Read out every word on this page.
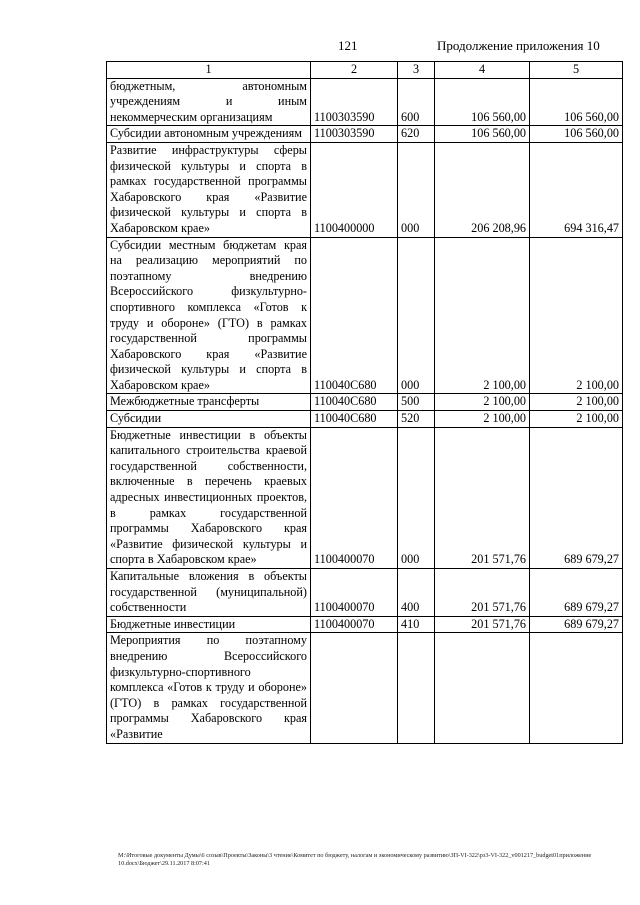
121	Продолжение приложения 10
1	2	3	4	5
бюджетным, автономным учреждениям и иным некоммерческим организациям	1100303590	600	106 560,00	106 560,00
Субсидии автономным учреждениям	1100303590	620	106 560,00	106 560,00
Развитие инфраструктуры сферы физической культуры и спорта в рамках государственной программы Хабаровского края «Развитие физической культуры и спорта в Хабаровском крае»	1100400000	000	206 208,96	694 316,47
Субсидии местным бюджетам края на реализацию мероприятий по поэтапному внедрению Всероссийского физкультурно-спортивного комплекса «Готов к труду и обороне» (ГТО) в рамках государственной программы Хабаровского края «Развитие физической культуры и спорта в Хабаровском крае»	110040С680	000	2 100,00	2 100,00
Межбюджетные трансферты	110040С680	500	2 100,00	2 100,00
Субсидии	110040С680	520	2 100,00	2 100,00
Бюджетные инвестиции в объекты капитального строительства краевой государственной собственности, включенные в перечень краевых адресных инвестиционных проектов, в рамках государственной программы Хабаровского края «Развитие физической культуры и спорта в Хабаровском крае»	1100400070	000	201 571,76	689 679,27
Капитальные вложения в объекты государственной (муниципальной) собственности	1100400070	400	201 571,76	689 679,27
Бюджетные инвестиции	1100400070	410	201 571,76	689 679,27
Мероприятия по поэтапному внедрению Всероссийского физкультурно-спортивного комплекса «Готов к труду и обороне» (ГТО) в рамках государственной программы Хабаровского края «Развитие				
М:\Итоговые документы Думы\6 созыв\Проекты\Законы\3 чтение\Комитет по бюджету, налогам и экономическому развитию\ЗП-VI-322\рз3-VI-322_v001217_budget01приложение 10.docx\Бюджет\29.11.2017 8:07:41
